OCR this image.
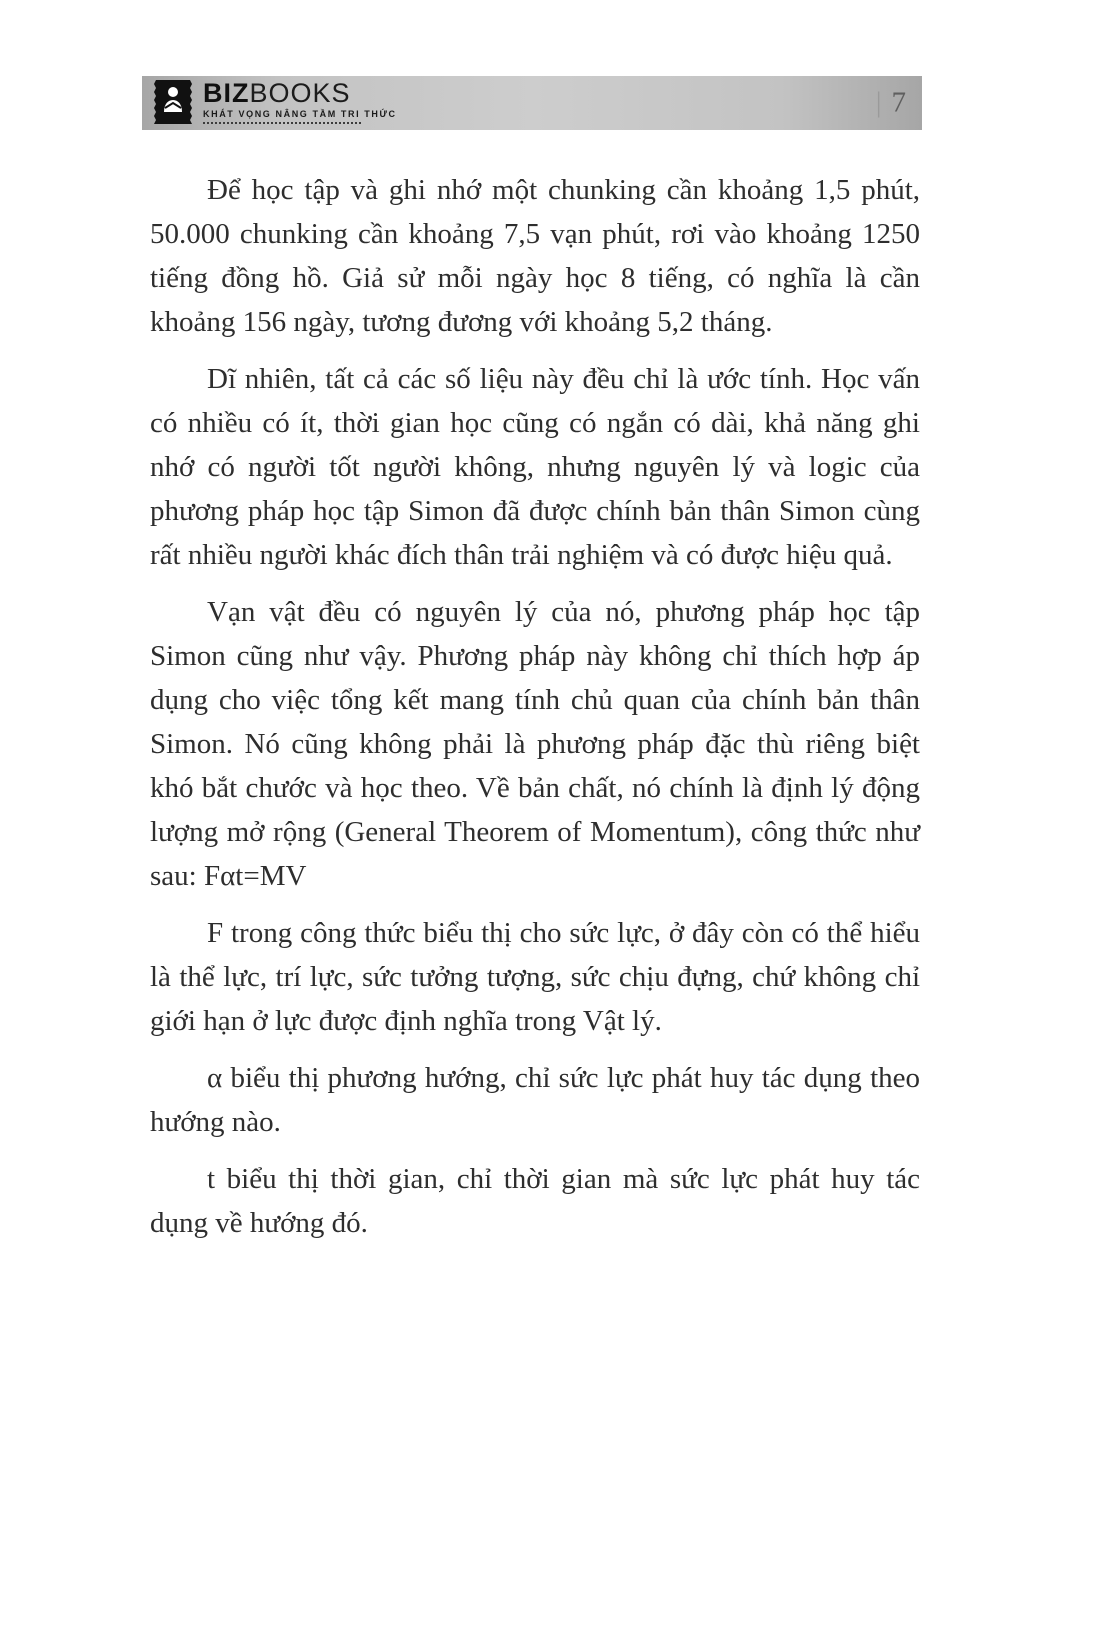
BIZBOOKS
KHÁT VỌNG NÂNG TẦM TRI THỨC	| 7

Để học tập và ghi nhớ một chunking cần khoảng 1,5 phút, 50.000 chunking cần khoảng 7,5 vạn phút, rơi vào khoảng 1250 tiếng đồng hồ. Giả sử mỗi ngày học 8 tiếng, có nghĩa là cần khoảng 156 ngày, tương đương với khoảng 5,2 tháng.

Dĩ nhiên, tất cả các số liệu này đều chỉ là ước tính. Học vấn có nhiều có ít, thời gian học cũng có ngắn có dài, khả năng ghi nhớ có người tốt người không, nhưng nguyên lý và logic của phương pháp học tập Simon đã được chính bản thân Simon cùng rất nhiều người khác đích thân trải nghiệm và có được hiệu quả.

Vạn vật đều có nguyên lý của nó, phương pháp học tập Simon cũng như vậy. Phương pháp này không chỉ thích hợp áp dụng cho việc tổng kết mang tính chủ quan của chính bản thân Simon. Nó cũng không phải là phương pháp đặc thù riêng biệt khó bắt chước và học theo. Về bản chất, nó chính là định lý động lượng mở rộng (General Theorem of Momentum), công thức như sau: Fαt=MV

F trong công thức biểu thị cho sức lực, ở đây còn có thể hiểu là thể lực, trí lực, sức tưởng tượng, sức chịu đựng, chứ không chỉ giới hạn ở lực được định nghĩa trong Vật lý.

α biểu thị phương hướng, chỉ sức lực phát huy tác dụng theo hướng nào.

t biểu thị thời gian, chỉ thời gian mà sức lực phát huy tác dụng về hướng đó.
